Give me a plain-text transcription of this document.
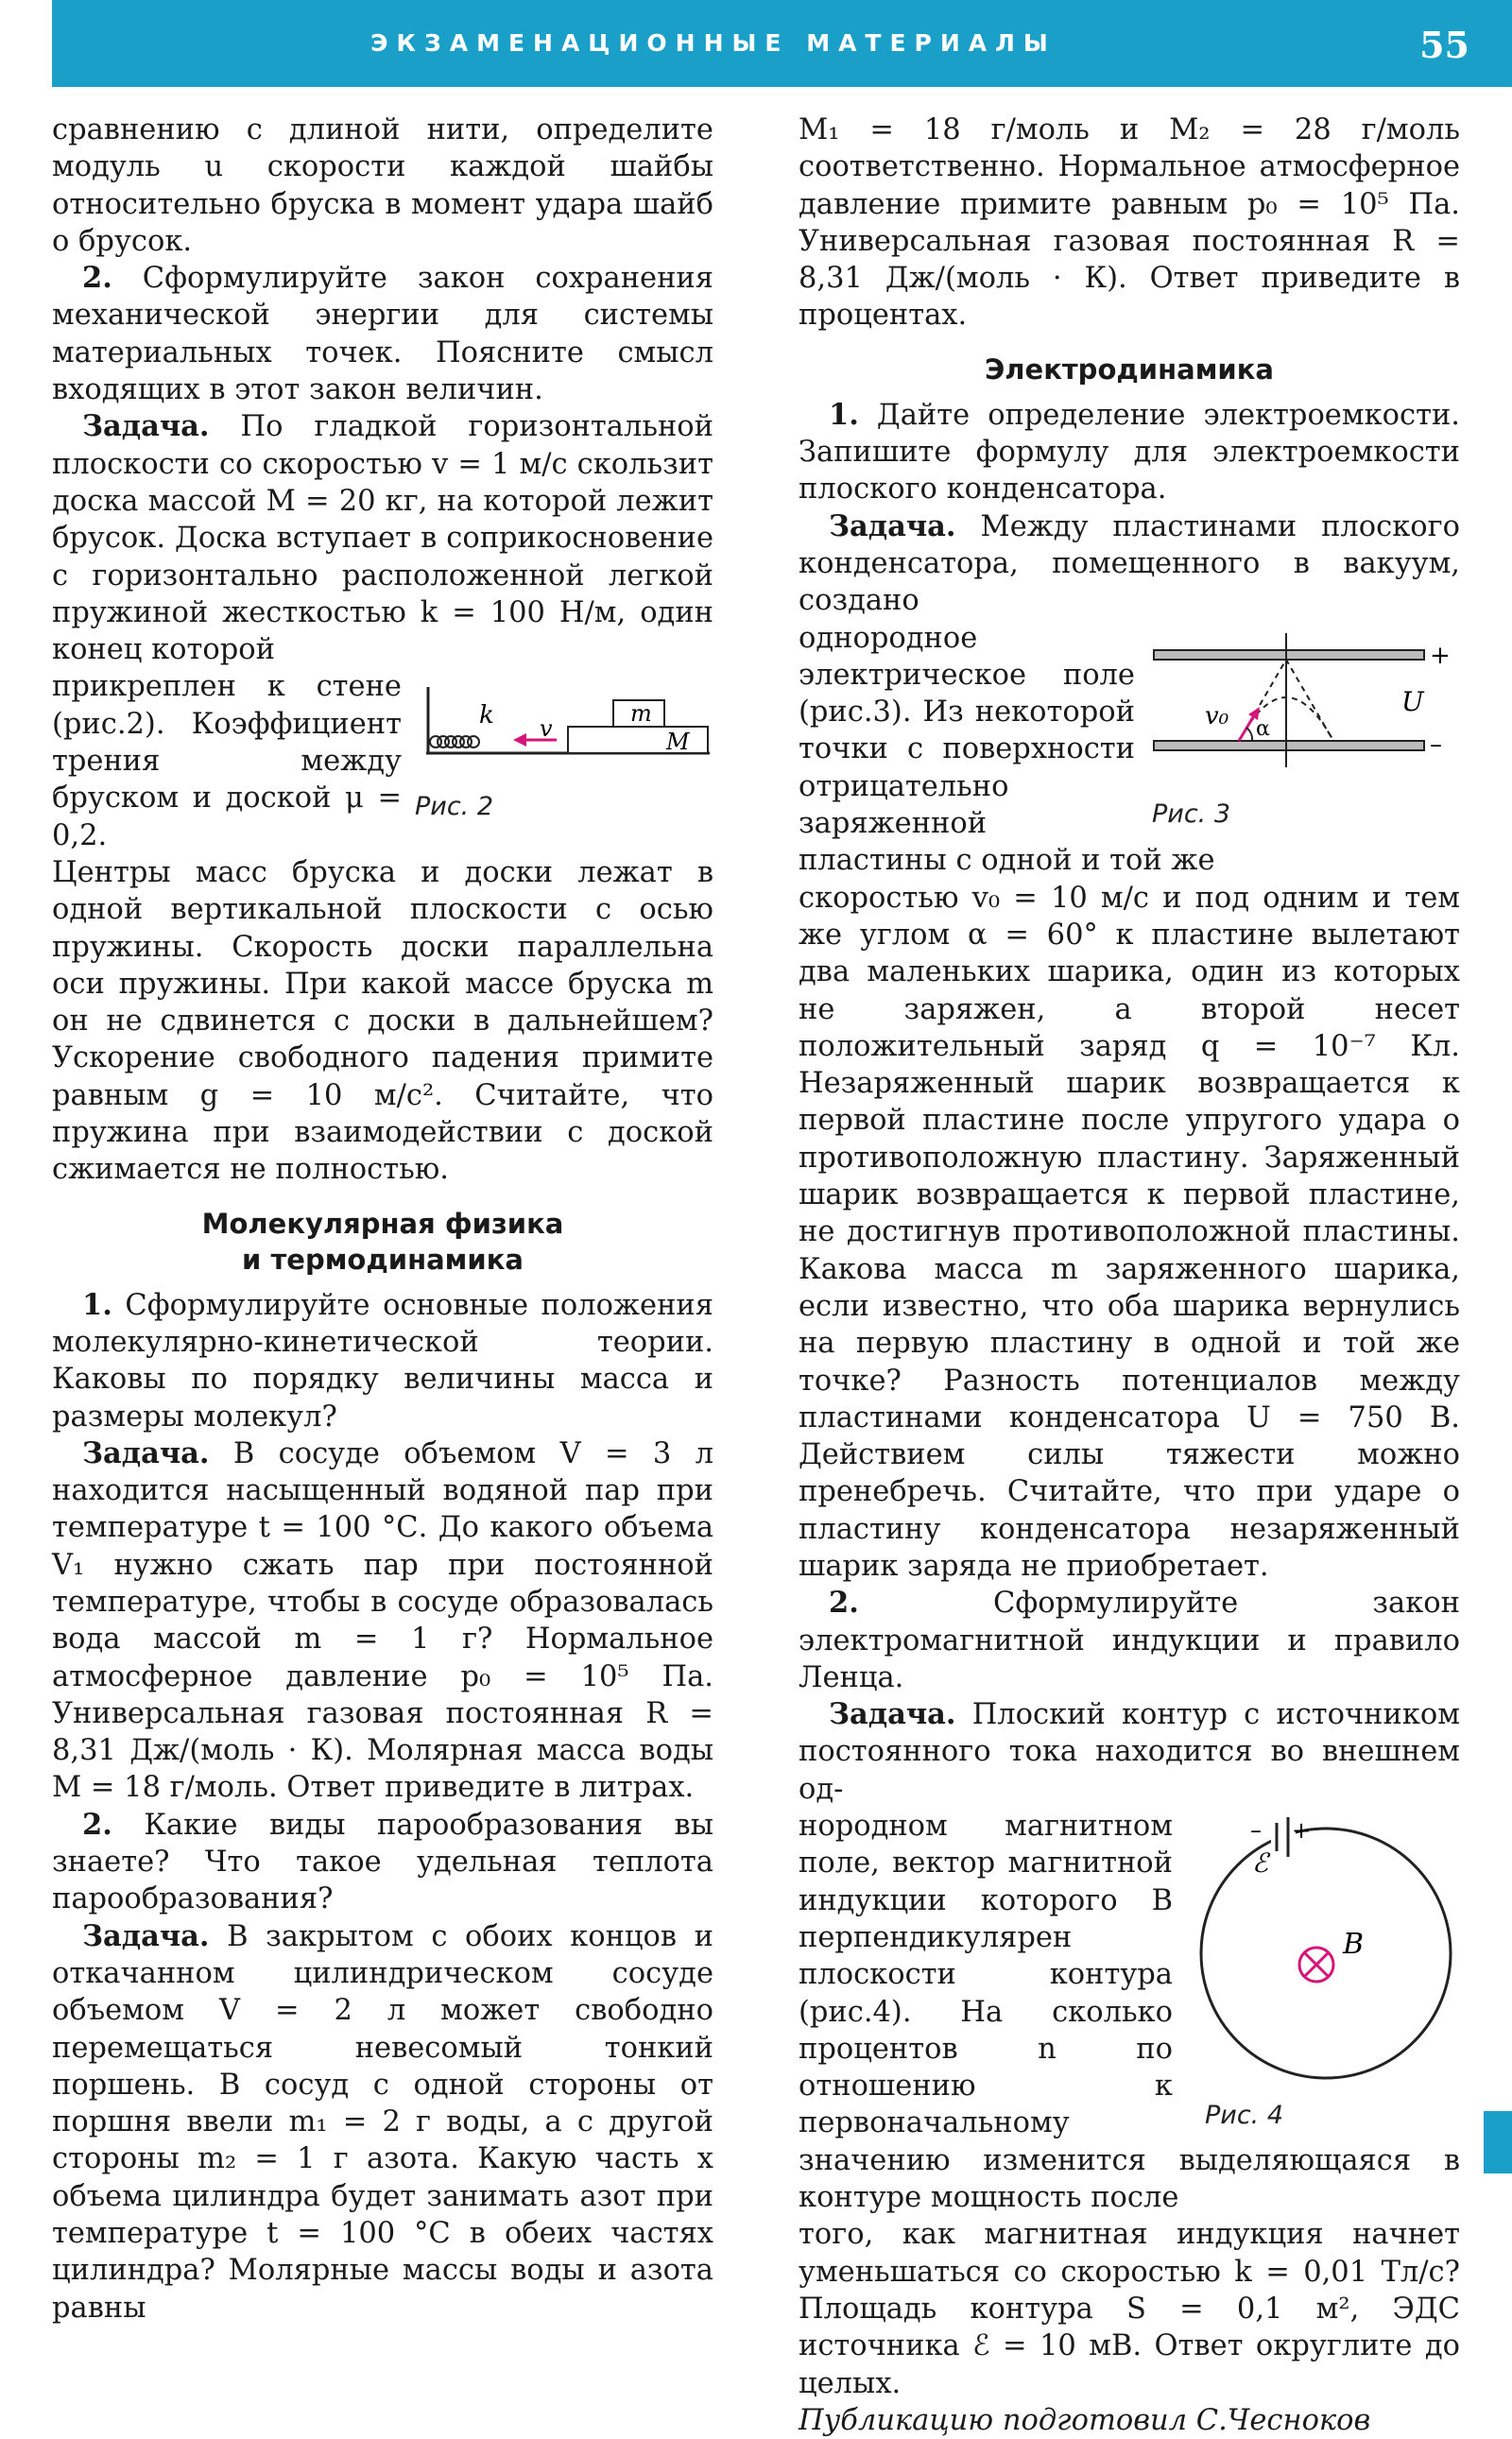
ЭКЗАМЕНАЦИОННЫЕ МАТЕРИАЛЫ	55

сравнению с длиной нити, определите модуль u скорости каждой шайбы относительно бруска в момент удара шайб о брусок.

2. Сформулируйте закон сохранения механической энергии для системы материальных точек. Поясните смысл входящих в этот закон величин.

Задача. По гладкой горизонтальной плоскости со скоростью v = 1 м/с скользит доска массой M = 20 кг, на которой лежит брусок. Доска вступает в соприкосновение с горизонтально расположенной легкой пружиной жесткостью k = 100 Н/м, один конец которой

k v
m
M
Рис. 2

прикреплен к стене (рис.2). Коэффициент трения между бруском и доской μ = 0,2.

Центры масс бруска и доски лежат в одной вертикальной плоскости с осью пружины. Скорость доски параллельна оси пружины. При какой массе бруска m он не сдвинется с доски в дальнейшем? Ускорение свободного падения примите равным g = 10 м/с². Считайте, что пружина при взаимодействии с доской сжимается не полностью.

Молекулярная физика
и термодинамика

1. Сформулируйте основные положения молекулярно-кинетической теории. Каковы по порядку величины масса и размеры молекул?

Задача. В сосуде объемом V = 3 л находится насыщенный водяной пар при температуре t = 100 °С. До какого объема V₁ нужно сжать пар при постоянной температуре, чтобы в сосуде образовалась вода массой m = 1 г? Нормальное атмосферное давление p₀ = 10⁵ Па. Универсальная газовая постоянная R = 8,31 Дж/(моль · К). Молярная масса воды M = 18 г/моль. Ответ приведите в литрах.

2. Какие виды парообразования вы знаете? Что такое удельная теплота парообразования?

Задача. В закрытом с обоих концов и откачанном цилиндрическом сосуде объемом V = 2 л может свободно перемещаться невесомый тонкий поршень. В сосуд с одной стороны от поршня ввели m₁ = 2 г воды, а с другой стороны m₂ = 1 г азота. Какую часть x объема цилиндра будет занимать азот при температуре t = 100 °С в обеих частях цилиндра? Молярные массы воды и азота равны

M₁ = 18 г/моль и M₂ = 28 г/моль соответственно. Нормальное атмосферное давление примите равным p₀ = 10⁵ Па. Универсальная газовая постоянная R = 8,31 Дж/(моль · К). Ответ приведите в процентах.

Электродинамика

1. Дайте определение электроемкости. Запишите формулу для электроемкости плоского конденсатора.

Задача. Между пластинами плоского конденсатора, помещенного в вакуум, создано

+
–
U
v₀ α
Рис. 3

однородное электрическое поле (рис.3). Из некоторой точки с поверхности отрицательно заряженной пластины с одной и той же

скоростью v₀ = 10 м/с и под одним и тем же углом α = 60° к пластине вылетают два маленьких шарика, один из которых не заряжен, а второй несет положительный заряд q = 10⁻⁷ Кл. Незаряженный шарик возвращается к первой пластине после упругого удара о противоположную пластину. Заряженный шарик возвращается к первой пластине, не достигнув противоположной пластины. Какова масса m заряженного шарика, если известно, что оба шарика вернулись на первую пластину в одной и той же точке? Разность потенциалов между пластинами конденсатора U = 750 В. Действием силы тяжести можно пренебречь. Считайте, что при ударе о пластину конденсатора незаряженный шарик заряда не приобретает.

2.	Сформулируйте закон электромагнитной индукции и правило Ленца.

Задача. Плоский контур с источником постоянного тока находится во внешнем од-

– +
ℰ
B
Рис. 4

нородном магнитном поле, вектор магнитной индукции которого B перпендикулярен плоскости контура (рис.4). На сколько процентов n по отношению к первоначальному значению изменится выделяющаяся в контуре мощность после

того, как магнитная индукция начнет уменьшаться со скоростью k = 0,01 Тл/с? Площадь контура S = 0,1 м², ЭДС источника ℰ = 10 мВ. Ответ округлите до целых.

Публикацию подготовил С.Чесноков
